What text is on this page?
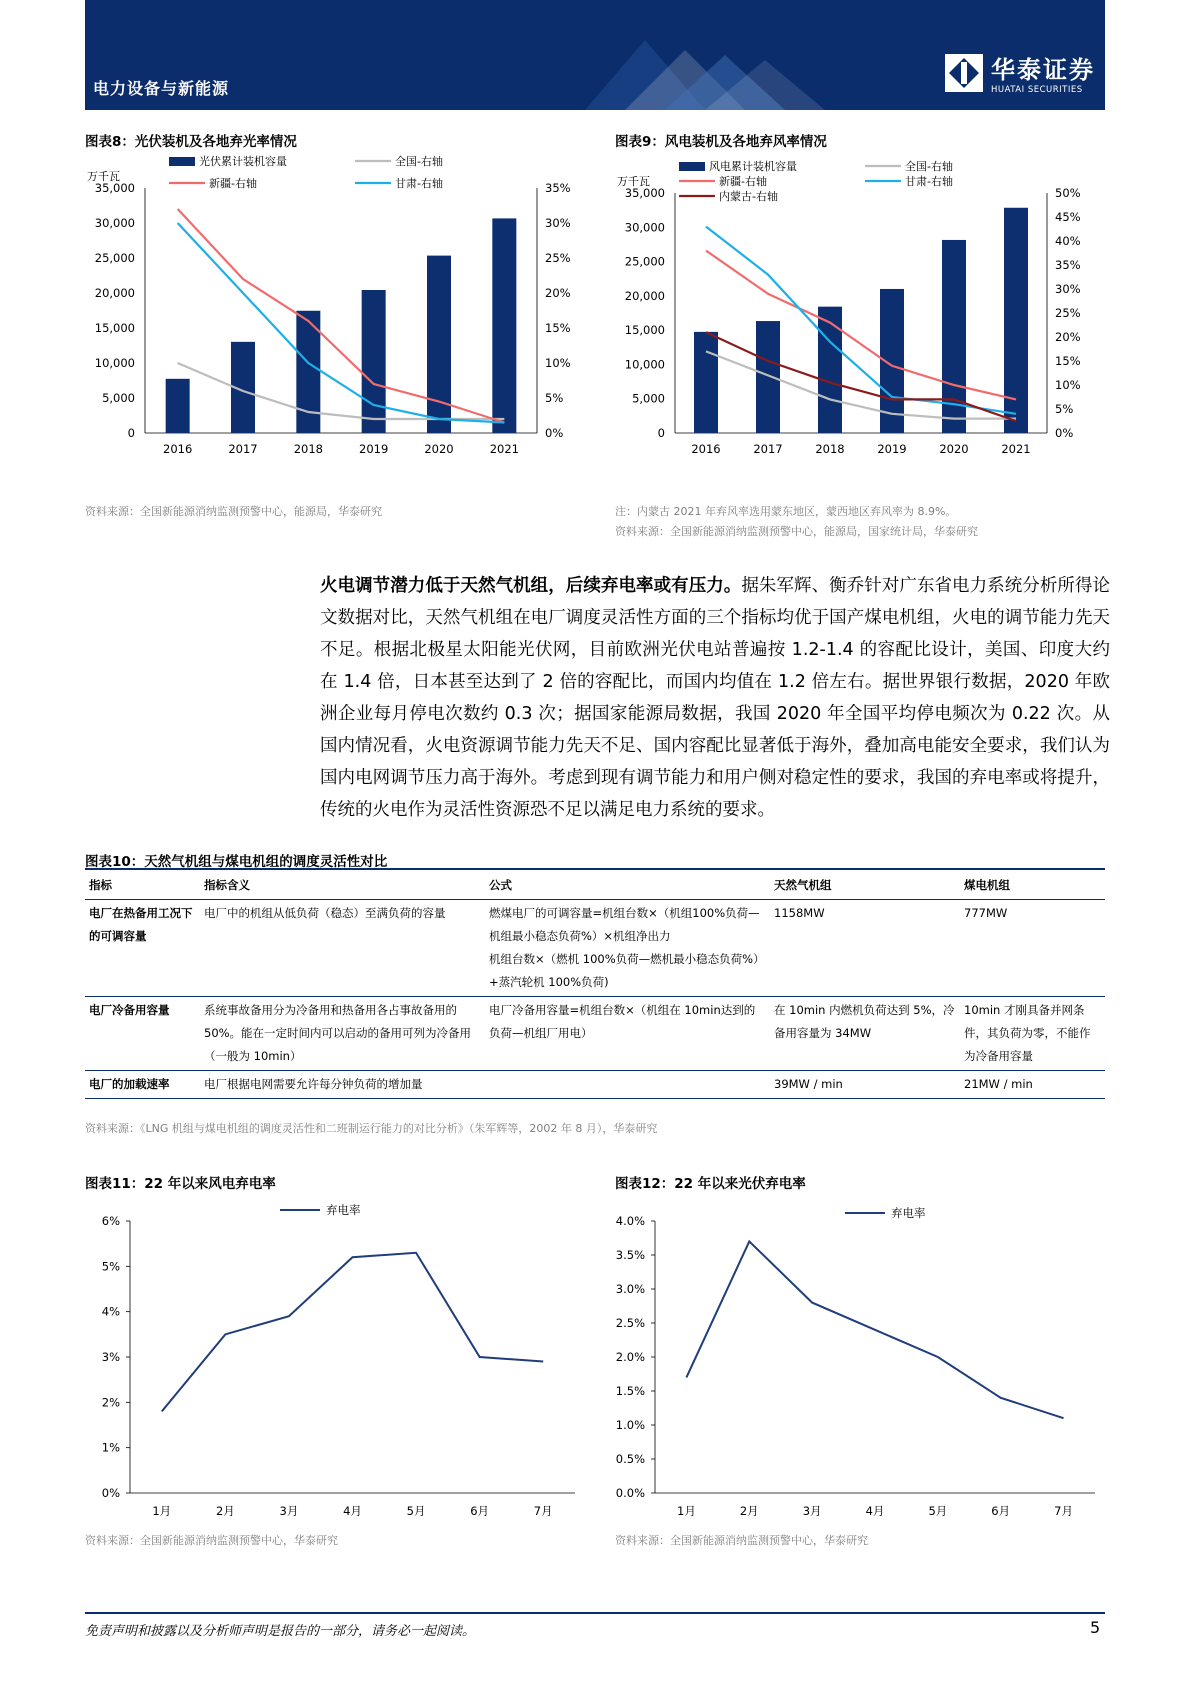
电力设备与新能源
华泰证券
HUATAI SECURITIES
图表8：光伏装机及各地弃光率情况
万千瓦
0
5,000
10,000
15,000
20,000
25,000
30,000
35,000
0%
5%
10%
15%
20%
25%
30%
35%
2016	2017	2018	2019	2020	2021
光伏累计装机容量	全国-右轴
新疆-右轴	甘肃-右轴
资料来源：全国新能源消纳监测预警中心，能源局，华泰研究
图表9：风电装机及各地弃风率情况
万千瓦
0
5,000
10,000
15,000
20,000
25,000
30,000
35,000
0%
5%
10%
15%
20%
25%
30%
35%
40%
45%
50%
2016	2017	2018	2019	2020	2021
风电累计装机容量	全国-右轴
新疆-右轴	甘肃-右轴
内蒙古-右轴
注：内蒙古 2021 年弃风率选用蒙东地区，蒙西地区弃风率为 8.9%。
资料来源：全国新能源消纳监测预警中心，能源局，国家统计局，华泰研究
火电调节潜力低于天然气机组，后续弃电率或有压力。据朱军辉、衡乔针对广东省电力系统分析所得论文数据对比，天然气机组在电厂调度灵活性方面的三个指标均优于国产煤电机组，火电的调节能力先天不足。根据北极星太阳能光伏网，目前欧洲光伏电站普遍按 1.2-1.4 的容配比设计，美国、印度大约在 1.4 倍，日本甚至达到了 2 倍的容配比，而国内均值在 1.2 倍左右。据世界银行数据，2020 年欧洲企业每月停电次数约 0.3 次；据国家能源局数据，我国 2020 年全国平均停电频次为 0.22 次。从国内情况看，火电资源调节能力先天不足、国内容配比显著低于海外，叠加高电能安全要求，我们认为国内电网调节压力高于海外。考虑到现有调节能力和用户侧对稳定性的要求，我国的弃电率或将提升，传统的火电作为灵活性资源恐不足以满足电力系统的要求。
图表10：天然气机组与煤电机组的调度灵活性对比
指标	指标含义	公式	天然气机组	煤电机组
电厂在热备用工况下的可调容量	电厂中的机组从低负荷（稳态）至满负荷的容量	燃煤电厂的可调容量=机组台数×（机组100%负荷—机组最小稳态负荷%）×机组净出力
机组台数×（燃机 100%负荷—燃机最小稳态负荷%）+蒸汽轮机 100%负荷)	1158MW	777MW
电厂冷备用容量	系统事故备用分为冷备用和热备用各占事故备用的 50%。能在一定时间内可以启动的备用可列为冷备用（一般为 10min）	电厂冷备用容量=机组台数×（机组在 10min达到的负荷—机组厂用电）	在 10min 内燃机负荷达到 5%，冷备用容量为 34MW	10min 才刚具备并网条件，其负荷为零，不能作为冷备用容量
电厂的加载速率	电厂根据电网需要允许每分钟负荷的增加量		39MW / min	21MW / min
资料来源：《LNG 机组与煤电机组的调度灵活性和二班制运行能力的对比分析》（朱军辉等，2002 年 8 月），华泰研究
图表11：22 年以来风电弃电率
0%
1%
2%
3%
4%
5%
6%
1月	2月	3月	4月	5月	6月	7月
弃电率
资料来源：全国新能源消纳监测预警中心，华泰研究
图表12：22 年以来光伏弃电率
0.0%
0.5%
1.0%
1.5%
2.0%
2.5%
3.0%
3.5%
4.0%
1月	2月	3月	4月	5月	6月	7月
弃电率
资料来源：全国新能源消纳监测预警中心，华泰研究
免责声明和披露以及分析师声明是报告的一部分，请务必一起阅读。	5
